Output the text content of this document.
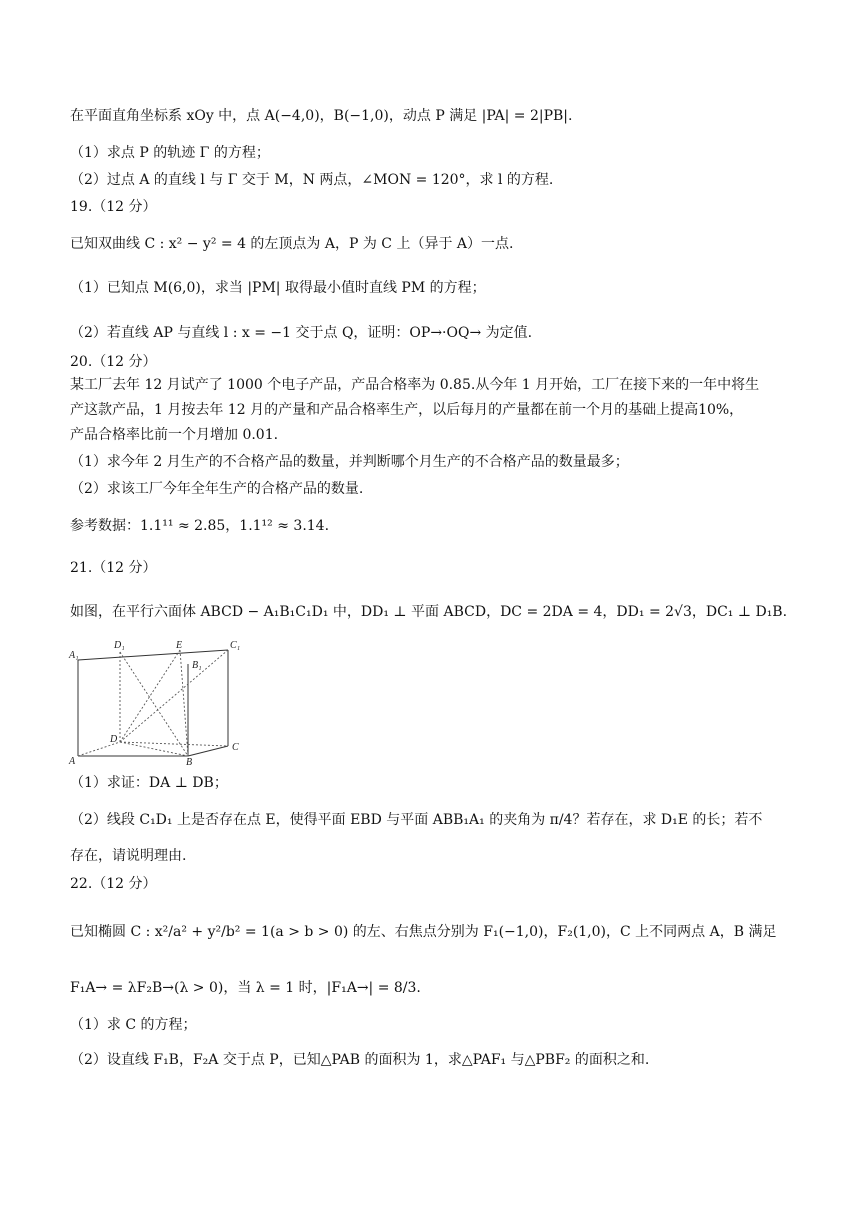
在平面直角坐标系 xOy 中，点 A(−4,0)，B(−1,0)，动点 P 满足 |PA| = 2|PB|.
（1）求点 P 的轨迹 Γ 的方程；
（2）过点 A 的直线 l 与 Γ 交于 M，N 两点，∠MON = 120°，求 l 的方程.
19.（12 分）
已知双曲线 C : x² − y² = 4 的左顶点为 A，P 为 C 上（异于 A）一点.
（1）已知点 M(6,0)，求当 |PM| 取得最小值时直线 PM 的方程；
（2）若直线 AP 与直线 l : x = −1 交于点 Q，证明：OP→·OQ→ 为定值.
20.（12 分）
某工厂去年 12 月试产了 1000 个电子产品，产品合格率为 0.85.从今年 1 月开始，工厂在接下来的一年中将生
产这款产品，1 月按去年 12 月的产量和产品合格率生产，以后每月的产量都在前一个月的基础上提高10%，
产品合格率比前一个月增加 0.01.
（1）求今年 2 月生产的不合格产品的数量，并判断哪个月生产的不合格产品的数量最多；
（2）求该工厂今年全年生产的合格产品的数量.
参考数据：1.1¹¹ ≈ 2.85，1.1¹² ≈ 3.14.
21.（12 分）
如图，在平行六面体 ABCD − A₁B₁C₁D₁ 中，DD₁ ⊥ 平面 ABCD，DC = 2DA = 4，DD₁ = 2√3，DC₁ ⊥ D₁B.
A₁
D₁	E	C₁
B₁
A
D
B
C
（1）求证：DA ⊥ DB；
（2）线段 C₁D₁ 上是否存在点 E，使得平面 EBD 与平面 ABB₁A₁ 的夹角为 π/4？若存在，求 D₁E 的长；若不
存在，请说明理由.
22.（12 分）
已知椭圆 C : x²/a² + y²/b² = 1(a > b > 0) 的左、右焦点分别为 F₁(−1,0)，F₂(1,0)，C 上不同两点 A，B 满足
F₁A→ = λF₂B→(λ > 0)，当 λ = 1 时，|F₁A→| = 8/3.
（1）求 C 的方程；
（2）设直线 F₁B，F₂A 交于点 P，已知△PAB 的面积为 1，求△PAF₁ 与△PBF₂ 的面积之和.
